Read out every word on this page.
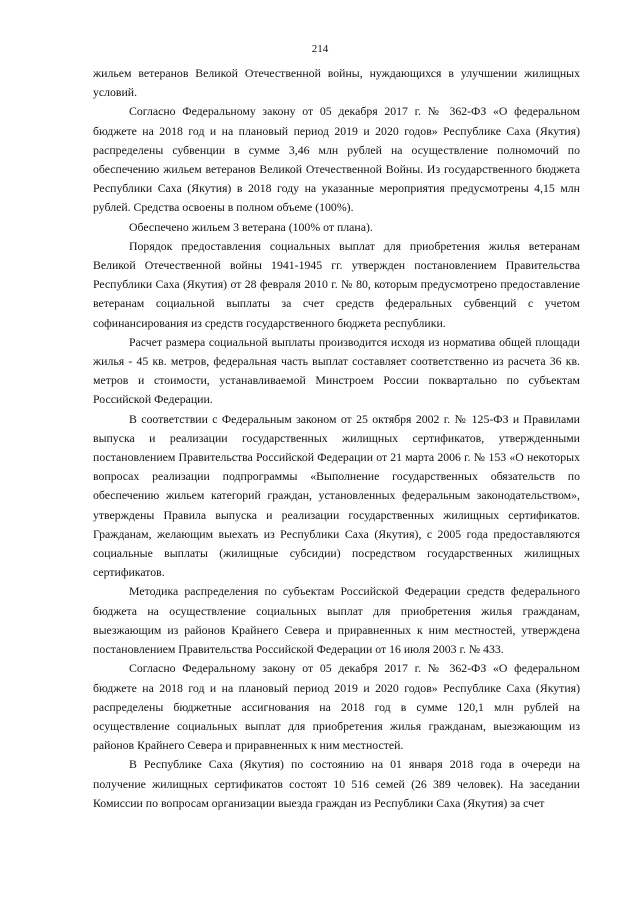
214

жильем ветеранов Великой Отечественной войны, нуждающихся в улучшении жилищных условий.

Согласно Федеральному закону от 05 декабря 2017 г. № 362-ФЗ «О федеральном бюджете на 2018 год и на плановый период 2019 и 2020 годов» Республике Саха (Якутия) распределены субвенции в сумме 3,46 млн рублей на осуществление полномочий по обеспечению жильем ветеранов Великой Отечественной Войны. Из государственного бюджета Республики Саха (Якутия) в 2018 году на указанные мероприятия предусмотрены 4,15 млн рублей. Средства освоены в полном объеме (100%).

Обеспечено жильем 3 ветерана (100% от плана).

Порядок предоставления социальных выплат для приобретения жилья ветеранам Великой Отечественной войны 1941-1945 гг. утвержден постановлением Правительства Республики Саха (Якутия) от 28 февраля 2010 г. № 80, которым предусмотрено предоставление ветеранам социальной выплаты за счет средств федеральных субвенций с учетом софинансирования из средств государственного бюджета республики.

Расчет размера социальной выплаты производится исходя из норматива общей площади жилья - 45 кв. метров, федеральная часть выплат составляет соответственно из расчета 36 кв. метров и стоимости, устанавливаемой Минстроем России поквартально по субъектам Российской Федерации.

В соответствии с Федеральным законом от 25 октября 2002 г. № 125-ФЗ и Правилами выпуска и реализации государственных жилищных сертификатов, утвержденными постановлением Правительства Российской Федерации от 21 марта 2006 г. № 153 «О некоторых вопросах реализации подпрограммы «Выполнение государственных обязательств по обеспечению жильем категорий граждан, установленных федеральным законодательством», утверждены Правила выпуска и реализации государственных жилищных сертификатов. Гражданам, желающим выехать из Республики Саха (Якутия), с 2005 года предоставляются социальные выплаты (жилищные субсидии) посредством государственных жилищных сертификатов.

Методика распределения по субъектам Российской Федерации средств федерального бюджета на осуществление социальных выплат для приобретения жилья гражданам, выезжающим из районов Крайнего Севера и приравненных к ним местностей, утверждена постановлением Правительства Российской Федерации от 16 июля 2003 г. № 433.

Согласно Федеральному закону от 05 декабря 2017 г. № 362-ФЗ «О федеральном бюджете на 2018 год и на плановый период 2019 и 2020 годов» Республике Саха (Якутия) распределены бюджетные ассигнования на 2018 год в сумме 120,1 млн рублей на осуществление социальных выплат для приобретения жилья гражданам, выезжающим из районов Крайнего Севера и приравненных к ним местностей.

В Республике Саха (Якутия) по состоянию на 01 января 2018 года в очереди на получение жилищных сертификатов состоят 10 516 семей (26 389 человек). На заседании Комиссии по вопросам организации выезда граждан из Республики Саха (Якутия) за счет
